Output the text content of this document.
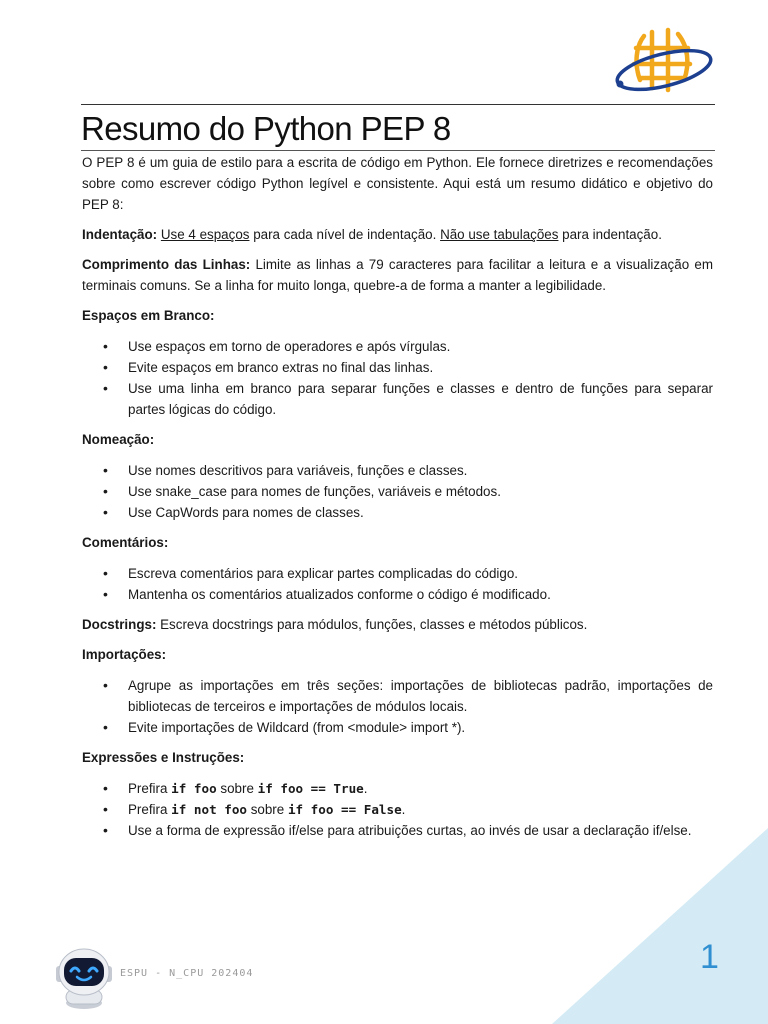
Resumo do Python PEP 8

O PEP 8 é um guia de estilo para a escrita de código em Python. Ele fornece diretrizes e recomendações sobre como escrever código Python legível e consistente. Aqui está um resumo didático e objetivo do PEP 8:

Indentação: Use 4 espaços para cada nível de indentação. Não use tabulações para indentação.

Comprimento das Linhas: Limite as linhas a 79 caracteres para facilitar a leitura e a visualização em terminais comuns. Se a linha for muito longa, quebre-a de forma a manter a legibilidade.

Espaços em Branco:

• Use espaços em torno de operadores e após vírgulas.
• Evite espaços em branco extras no final das linhas.
• Use uma linha em branco para separar funções e classes e dentro de funções para separar partes lógicas do código.

Nomeação:

• Use nomes descritivos para variáveis, funções e classes.
• Use snake_case para nomes de funções, variáveis e métodos.
• Use CapWords para nomes de classes.

Comentários:

• Escreva comentários para explicar partes complicadas do código.
• Mantenha os comentários atualizados conforme o código é modificado.

Docstrings: Escreva docstrings para módulos, funções, classes e métodos públicos.

Importações:

• Agrupe as importações em três seções: importações de bibliotecas padrão, importações de bibliotecas de terceiros e importações de módulos locais.
• Evite importações de Wildcard (from <module> import *).

Expressões e Instruções:

• Prefira if foo sobre if foo == True.
• Prefira if not foo sobre if foo == False.
• Use a forma de expressão if/else para atribuições curtas, ao invés de usar a declaração if/else.
1
ESPU - N_CPU 202404
